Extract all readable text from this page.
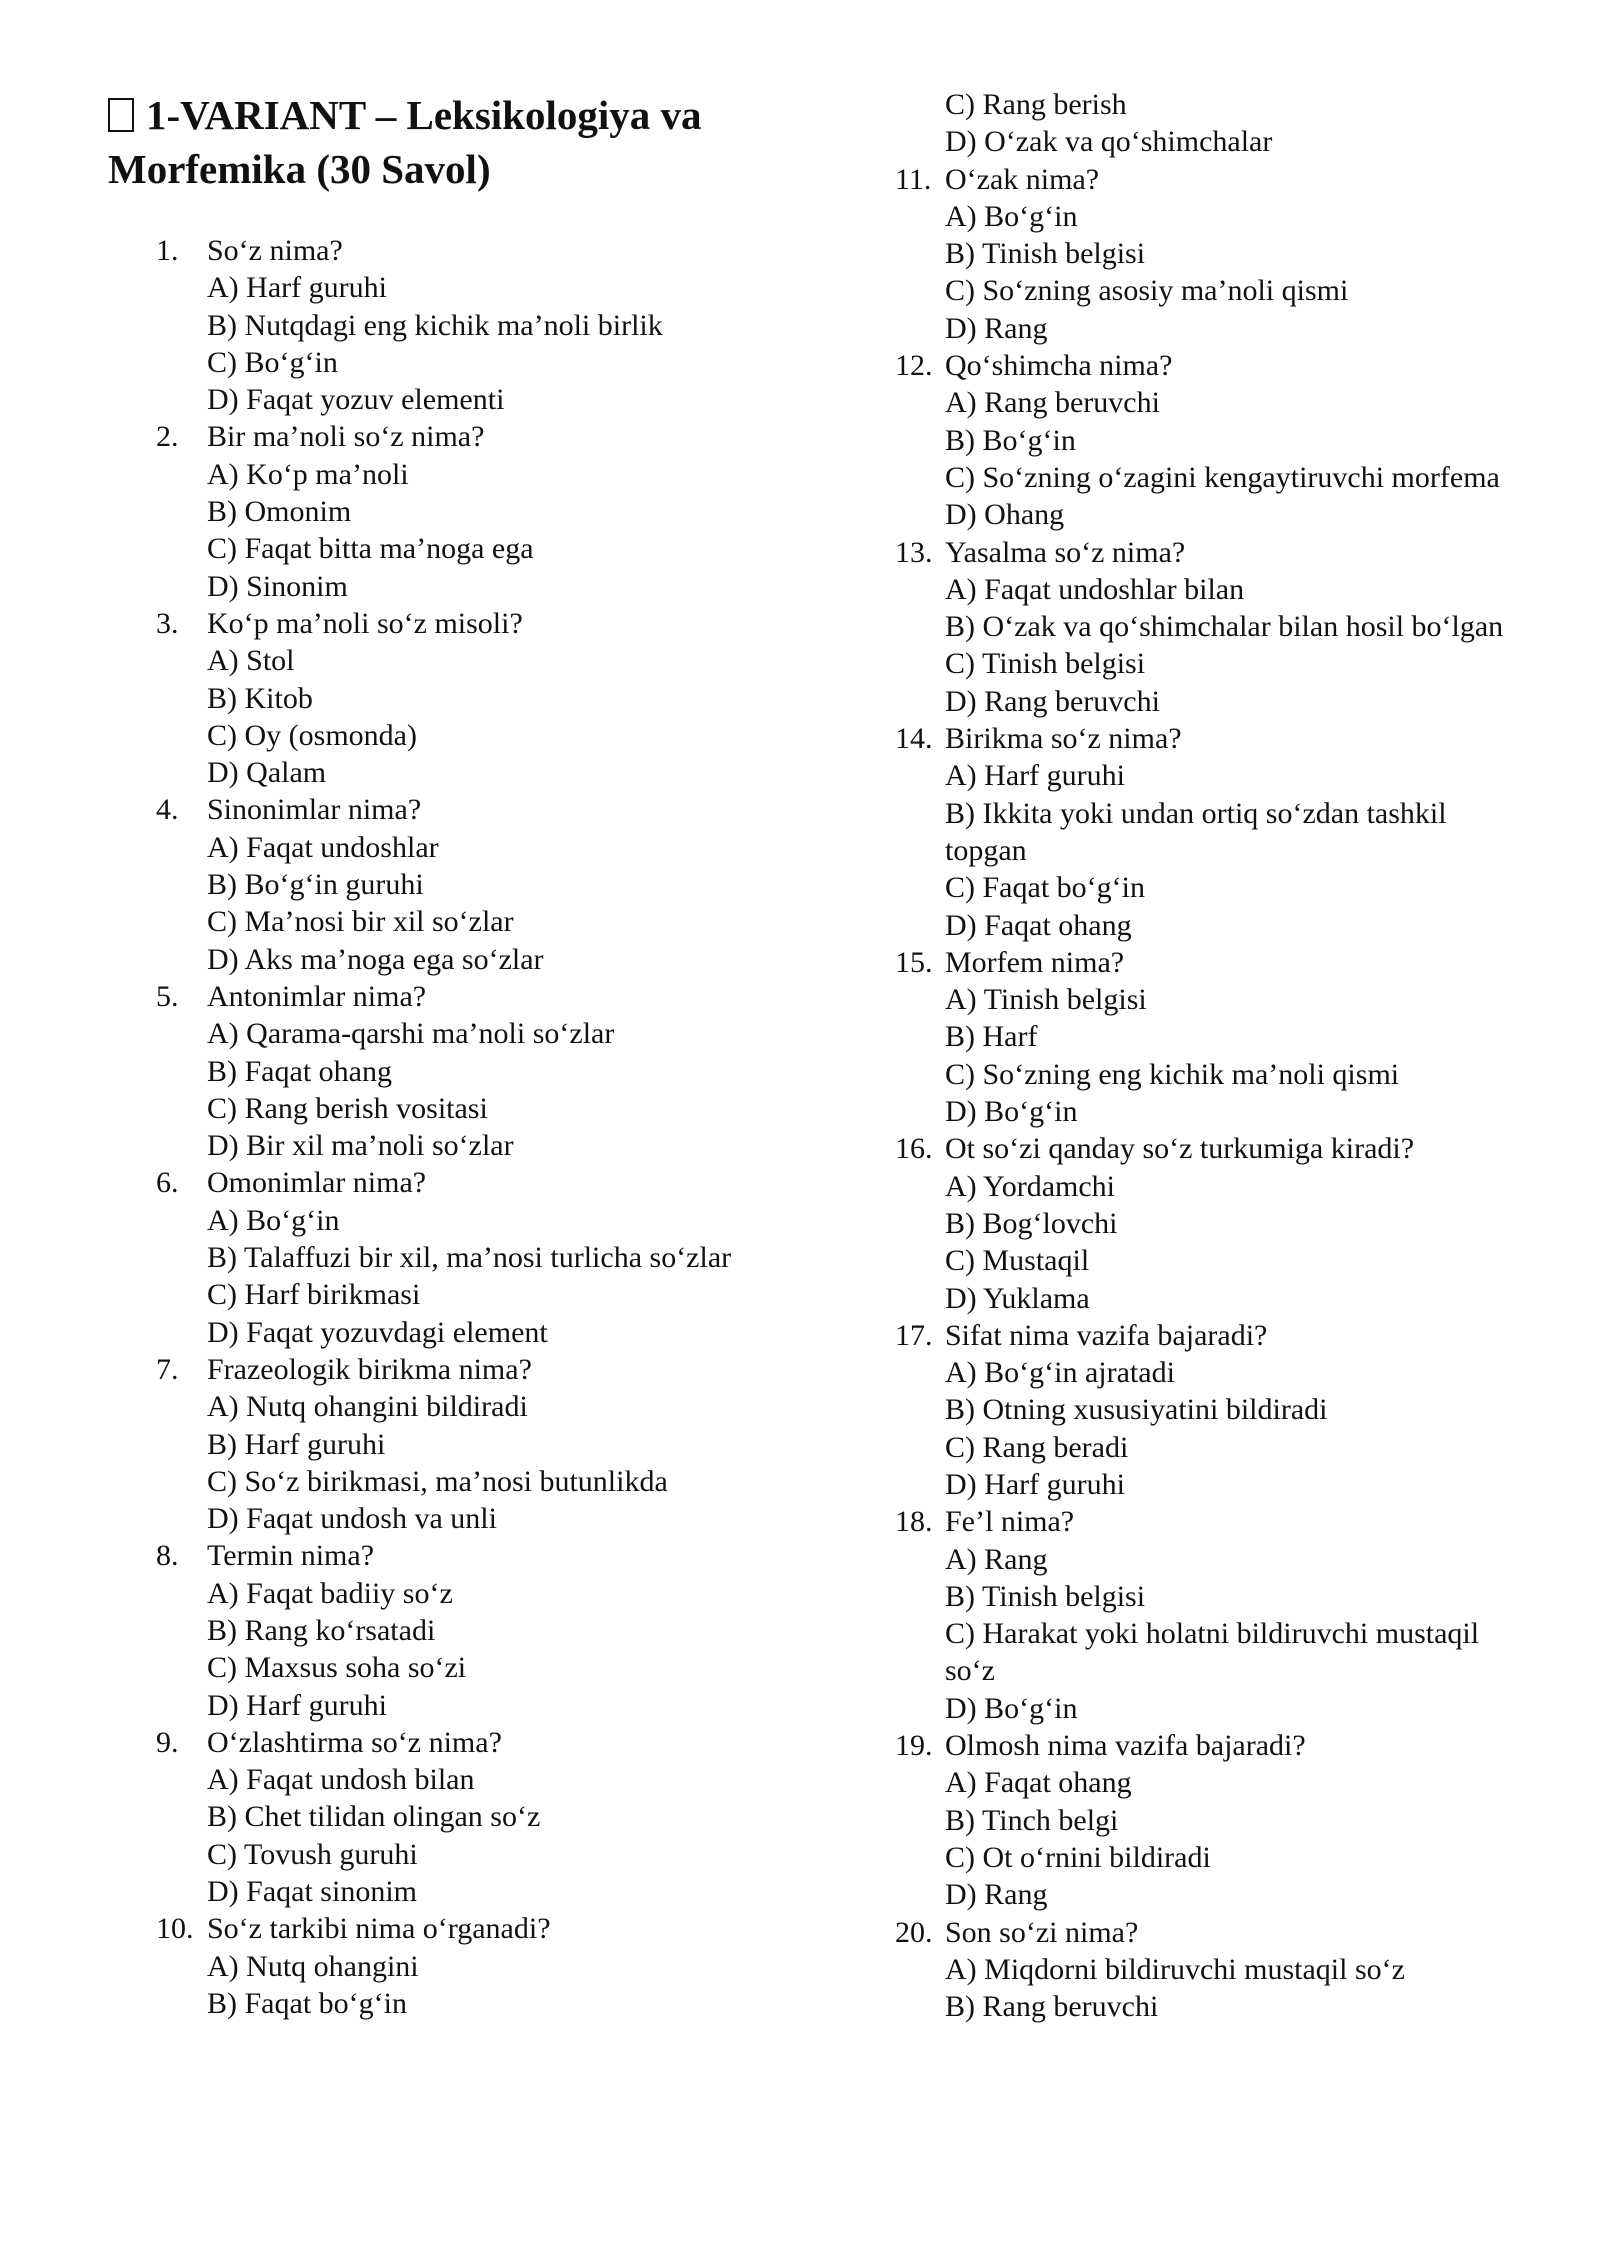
1-VARIANT – Leksikologiya va Morfemika (30 Savol)
1. So‘z nima?
A) Harf guruhi
B) Nutqdagi eng kichik ma’noli birlik
C) Bo‘g‘in
D) Faqat yozuv elementi
2. Bir ma’noli so‘z nima?
A) Ko‘p ma’noli
B) Omonim
C) Faqat bitta ma’noga ega
D) Sinonim
3. Ko‘p ma’noli so‘z misoli?
A) Stol
B) Kitob
C) Oy (osmonda)
D) Qalam
4. Sinonimlar nima?
A) Faqat undoshlar
B) Bo‘g‘in guruhi
C) Ma’nosi bir xil so‘zlar
D) Aks ma’noga ega so‘zlar
5. Antonimlar nima?
A) Qarama-qarshi ma’noli so‘zlar
B) Faqat ohang
C) Rang berish vositasi
D) Bir xil ma’noli so‘zlar
6. Omonimlar nima?
A) Bo‘g‘in
B) Talaffuzi bir xil, ma’nosi turlicha so‘zlar
C) Harf birikmasi
D) Faqat yozuvdagi element
7. Frazeologik birikma nima?
A) Nutq ohangini bildiradi
B) Harf guruhi
C) So‘z birikmasi, ma’nosi butunlikda
D) Faqat undosh va unli
8. Termin nima?
A) Faqat badiiy so‘z
B) Rang ko‘rsatadi
C) Maxsus soha so‘zi
D) Harf guruhi
9. O‘zlashtirma so‘z nima?
A) Faqat undosh bilan
B) Chet tilidan olingan so‘z
C) Tovush guruhi
D) Faqat sinonim
10. So‘z tarkibi nima o‘rganadi?
A) Nutq ohangini
B) Faqat bo‘g‘in
C) Rang berish
D) O‘zak va qo‘shimchalar
11. O‘zak nima?
A) Bo‘g‘in
B) Tinish belgisi
C) So‘zning asosiy ma’noli qismi
D) Rang
12. Qo‘shimcha nima?
A) Rang beruvchi
B) Bo‘g‘in
C) So‘zning o‘zagini kengaytiruvchi morfema
D) Ohang
13. Yasalma so‘z nima?
A) Faqat undoshlar bilan
B) O‘zak va qo‘shimchalar bilan hosil bo‘lgan
C) Tinish belgisi
D) Rang beruvchi
14. Birikma so‘z nima?
A) Harf guruhi
B) Ikkita yoki undan ortiq so‘zdan tashkil topgan
C) Faqat bo‘g‘in
D) Faqat ohang
15. Morfem nima?
A) Tinish belgisi
B) Harf
C) So‘zning eng kichik ma’noli qismi
D) Bo‘g‘in
16. Ot so‘zi qanday so‘z turkumiga kiradi?
A) Yordamchi
B) Bog‘lovchi
C) Mustaqil
D) Yuklama
17. Sifat nima vazifa bajaradi?
A) Bo‘g‘in ajratadi
B) Otning xususiyatini bildiradi
C) Rang beradi
D) Harf guruhi
18. Fe’l nima?
A) Rang
B) Tinish belgisi
C) Harakat yoki holatni bildiruvchi mustaqil so‘z
D) Bo‘g‘in
19. Olmosh nima vazifa bajaradi?
A) Faqat ohang
B) Tinch belgi
C) Ot o‘rnini bildiradi
D) Rang
20. Son so‘zi nima?
A) Miqdorni bildiruvchi mustaqil so‘z
B) Rang beruvchi
